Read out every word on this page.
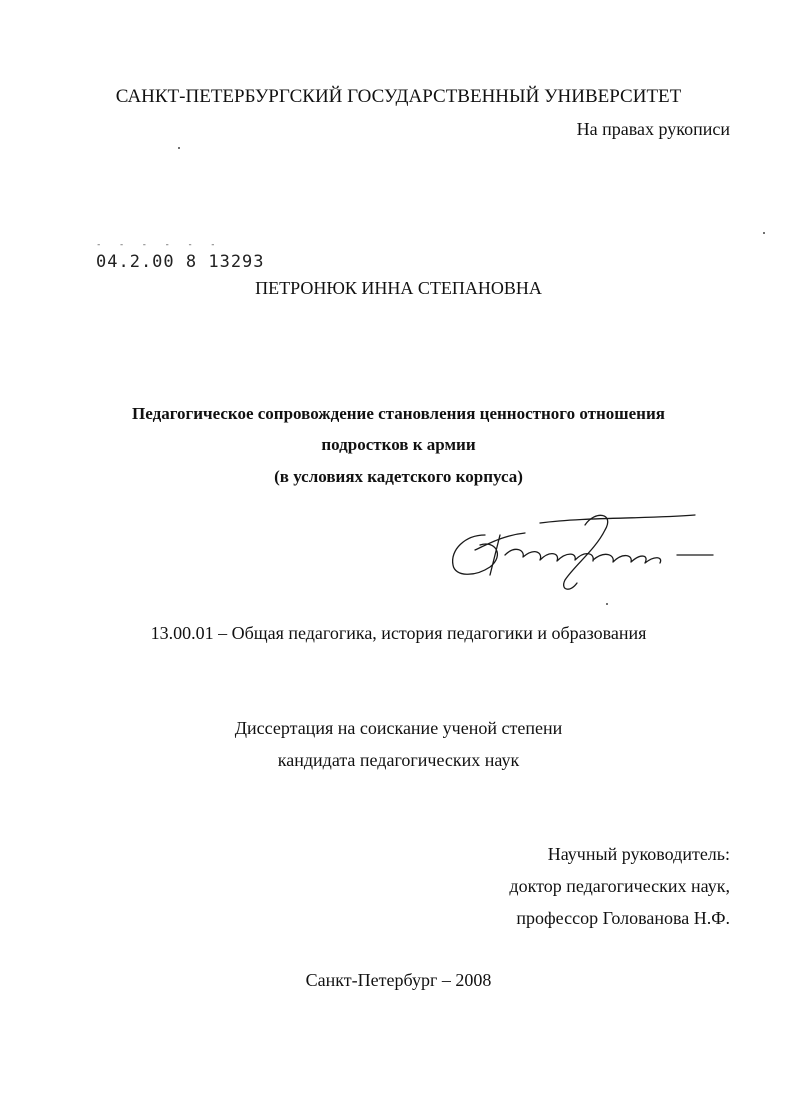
САНКТ-ПЕТЕРБУРГСКИЙ ГОСУДАРСТВЕННЫЙ УНИВЕРСИТЕТ
На правах рукописи
- - - - - -
04.2.00 8 13293
ПЕТРОНЮК ИННА СТЕПАНОВНА
Педагогическое сопровождение становления ценностного отношения
подростков к армии
(в условиях кадетского корпуса)
13.00.01 – Общая педагогика, история педагогики и образования
Диссертация на соискание ученой степени
кандидата педагогических наук
Научный руководитель:
доктор педагогических наук,
профессор Голованова Н.Ф.
Санкт-Петербург – 2008
